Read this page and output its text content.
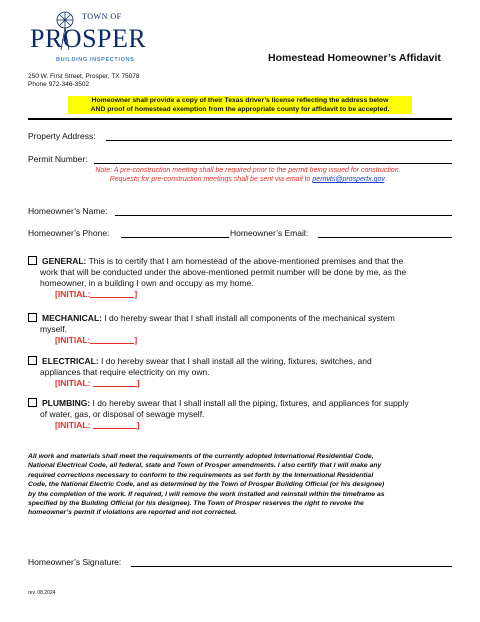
TOWN OF
PROSPER
BUILDING INSPECTIONS
250 W. First Street, Prosper, TX 75078
Phone 972-346-3502
Homestead Homeowner’s Affidavit
Homeowner shall provide a copy of their Texas driver’s license reflecting the address below
AND proof of homestead exemption from the appropriate county for affidavit to be accepted.
Property Address:
Permit Number:
Note: A pre-construction meeting shall be required prior to the permit being issued for construction.
Requests for pre-construction meetings shall be sent via email to permits@prospertx.gov.
Homeowner’s Name:
Homeowner’s Phone:	Homeowner’s Email:
GENERAL: This is to certify that I am homestead of the above-mentioned premises and that the
work that will be conducted under the above-mentioned permit number will be done by me, as the
homeowner, in a building I own and occupy as my home.
[INITIAL:	]
MECHANICAL: I do hereby swear that I shall install all components of the mechanical system
myself.
[INITIAL:	]
ELECTRICAL: I do hereby swear that I shall install all the wiring, fixtures, switches, and
appliances that require electricity on my own.
[INITIAL:	]
PLUMBING: I do hereby swear that I shall install all the piping, fixtures, and appliances for supply
of water, gas, or disposal of sewage myself.
[INITIAL:	]
All work and materials shall meet the requirements of the currently adopted International Residential Code,
National Electrical Code, all federal, state and Town of Prosper amendments. I also certify that I will make any
required corrections necessary to conform to the requirements as set forth by the International Residential
Code, the National Electric Code, and as determined by the Town of Prosper Building Official (or his designee)
by the completion of the work. If required, I will remove the work installed and reinstall within the timeframe as
specified by the Building Official (or his designee). The Town of Prosper reserves the right to revoke the
homeowner’s permit if violations are reported and not corrected.
Homeowner’s Signature:
rev. 08.2024
